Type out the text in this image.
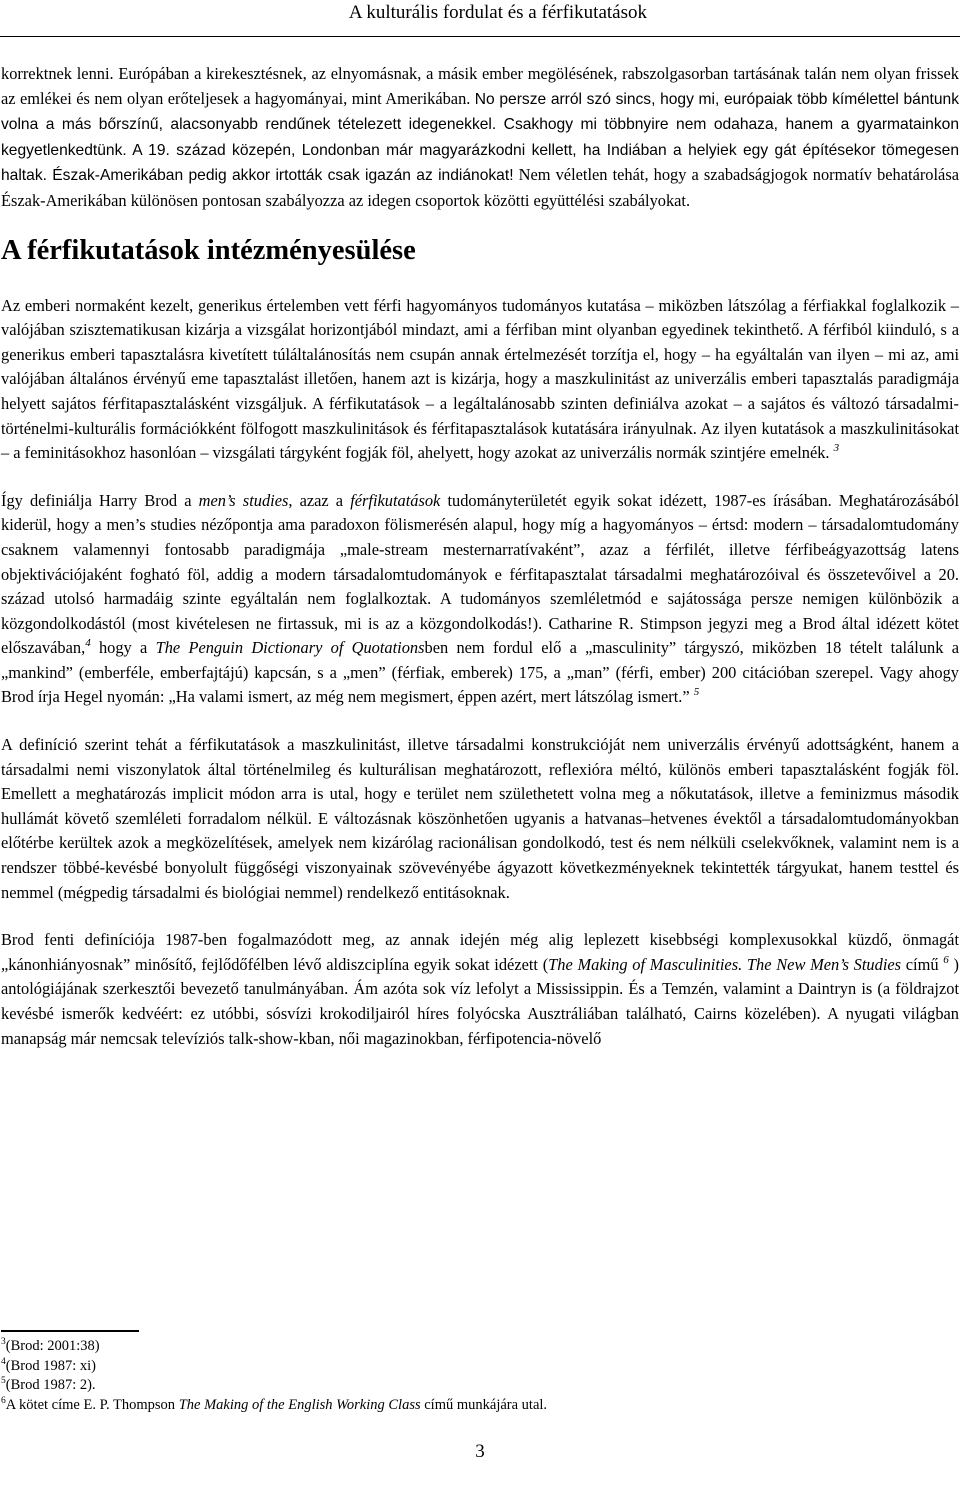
A kulturális fordulat és a férfikutatások

korrektnek lenni. Európában a kirekesztésnek, az elnyomásnak, a másik ember megölésének, rabszolgasorban tartásának talán nem olyan frissek az emlékei és nem olyan erőteljesek a hagyományai, mint Amerikában. No persze arról szó sincs, hogy mi, európaiak több kímélettel bántunk volna a más bőrszínű, alacsonyabb rendűnek tételezett idegenekkel. Csakhogy mi többnyire nem odahaza, hanem a gyarmatainkon kegyetlenkedtünk. A 19. század közepén, Londonban már magyarázkodni kellett, ha Indiában a helyiek egy gát építésekor tömegesen haltak. Észak-Amerikában pedig akkor irtották csak igazán az indiánokat! Nem véletlen tehát, hogy a szabadságjogok normatív behatárolása Észak-Amerikában különösen pontosan szabályozza az idegen csoportok közötti együttélési szabályokat.

A férfikutatások intézményesülése

Az emberi normaként kezelt, generikus értelemben vett férfi hagyományos tudományos kutatása – miközben látszólag a férfiakkal foglalkozik – valójában szisztematikusan kizárja a vizsgálat horizontjából mindazt, ami a férfiban mint olyanban egyedinek tekinthető. A férfiból kiinduló, s a generikus emberi tapasztalásra kivetített túláltalánosítás nem csupán annak értelmezését torzítja el, hogy – ha egyáltalán van ilyen – mi az, ami valójában általános érvényű eme tapasztalást illetően, hanem azt is kizárja, hogy a maszkulinitást az univerzális emberi tapasztalás paradigmája helyett sajátos férfitapasztalásként vizsgáljuk. A férfikutatások – a legáltalánosabb szinten definiálva azokat – a sajátos és változó társadalmi-történelmi-kulturális formációkként fölfogott maszkulinitások és férfitapasztalások kutatására irányulnak. Az ilyen kutatások a maszkulinitásokat – a feminitásokhoz hasonlóan – vizsgálati tárgyként fogják föl, ahelyett, hogy azokat az univerzális normák szintjére emelnék. $^3$

Így definiálja Harry Brod a men’s studies, azaz a férfikutatások tudományterületét egyik sokat idézett, 1987-es írásában. Meghatározásából kiderül, hogy a men’s studies nézőpontja ama paradoxon fölismerésén alapul, hogy míg a hagyományos – értsd: modern – társadalomtudomány csaknem valamennyi fontosabb paradigmája „male-stream mesternarratívaként”, azaz a férfilét, illetve férfibeágyazottság latens objektivációjaként fogható föl, addig a modern társadalomtudományok e férfitapasztalat társadalmi meghatározóival és összetevőivel a 20. század utolsó harmadáig szinte egyáltalán nem foglalkoztak. A tudományos szemléletmód e sajátossága persze nemigen különbözik a közgondolkodástól (most kivételesen ne firtassuk, mi is az a közgondolkodás!). Catharine R. Stimpson jegyzi meg a Brod által idézett kötet előszavában,$^4$ hogy a The Penguin Dictionary of Quotationsben nem fordul elő a „masculinity” tárgyszó, miközben 18 tételt találunk a „mankind” (emberféle, emberfajtájú) kapcsán, s a „men” (férfiak, emberek) 175, a „man” (férfi, ember) 200 citációban szerepel. Vagy ahogy Brod írja Hegel nyomán: „Ha valami ismert, az még nem megismert, éppen azért, mert látszólag ismert.” $^5$

A definíció szerint tehát a férfikutatások a maszkulinitást, illetve társadalmi konstrukcióját nem univerzális érvényű adottságként, hanem a társadalmi nemi viszonylatok által történelmileg és kulturálisan meghatározott, reflexióra méltó, különös emberi tapasztalásként fogják föl. Emellett a meghatározás implicit módon arra is utal, hogy e terület nem születhetett volna meg a nőkutatások, illetve a feminizmus második hullámát követő szemléleti forradalom nélkül. E változásnak köszönhetően ugyanis a hatvanas–hetvenes évektől a társadalomtudományokban előtérbe kerültek azok a megközelítések, amelyek nem kizárólag racionálisan gondolkodó, test és nem nélküli cselekvőknek, valamint nem is a rendszer többé-kevésbé bonyolult függőségi viszonyainak szövevényébe ágyazott következményeknek tekintették tárgyukat, hanem testtel és nemmel (mégpedig társadalmi és biológiai nemmel) rendelkező entitásoknak.

Brod fenti definíciója 1987-ben fogalmazódott meg, az annak idején még alig leplezett kisebbségi komplexusokkal küzdő, önmagát „kánonhiányosnak” minősítő, fejlődőfélben lévő aldiszciplína egyik sokat idézett (The Making of Masculinities. The New Men’s Studies című $^6$ ) antológiájának szerkesztői bevezető tanulmányában. Ám azóta sok víz lefolyt a Mississippin. És a Temzén, valamint a Daintryn is (a földrajzot kevésbé ismerők kedvéért: ez utóbbi, sósvízi krokodiljairól híres folyócska Ausztráliában található, Cairns közelében). A nyugati világban manapság már nemcsak televíziós talk-show-kban, női magazinokban, férfipotencia-növelő

$^3$(Brod: 2001:38)
$^4$(Brod 1987: xi)
$^5$(Brod 1987: 2).
$^6$A kötet címe E. P. Thompson The Making of the English Working Class című munkájára utal.
3
